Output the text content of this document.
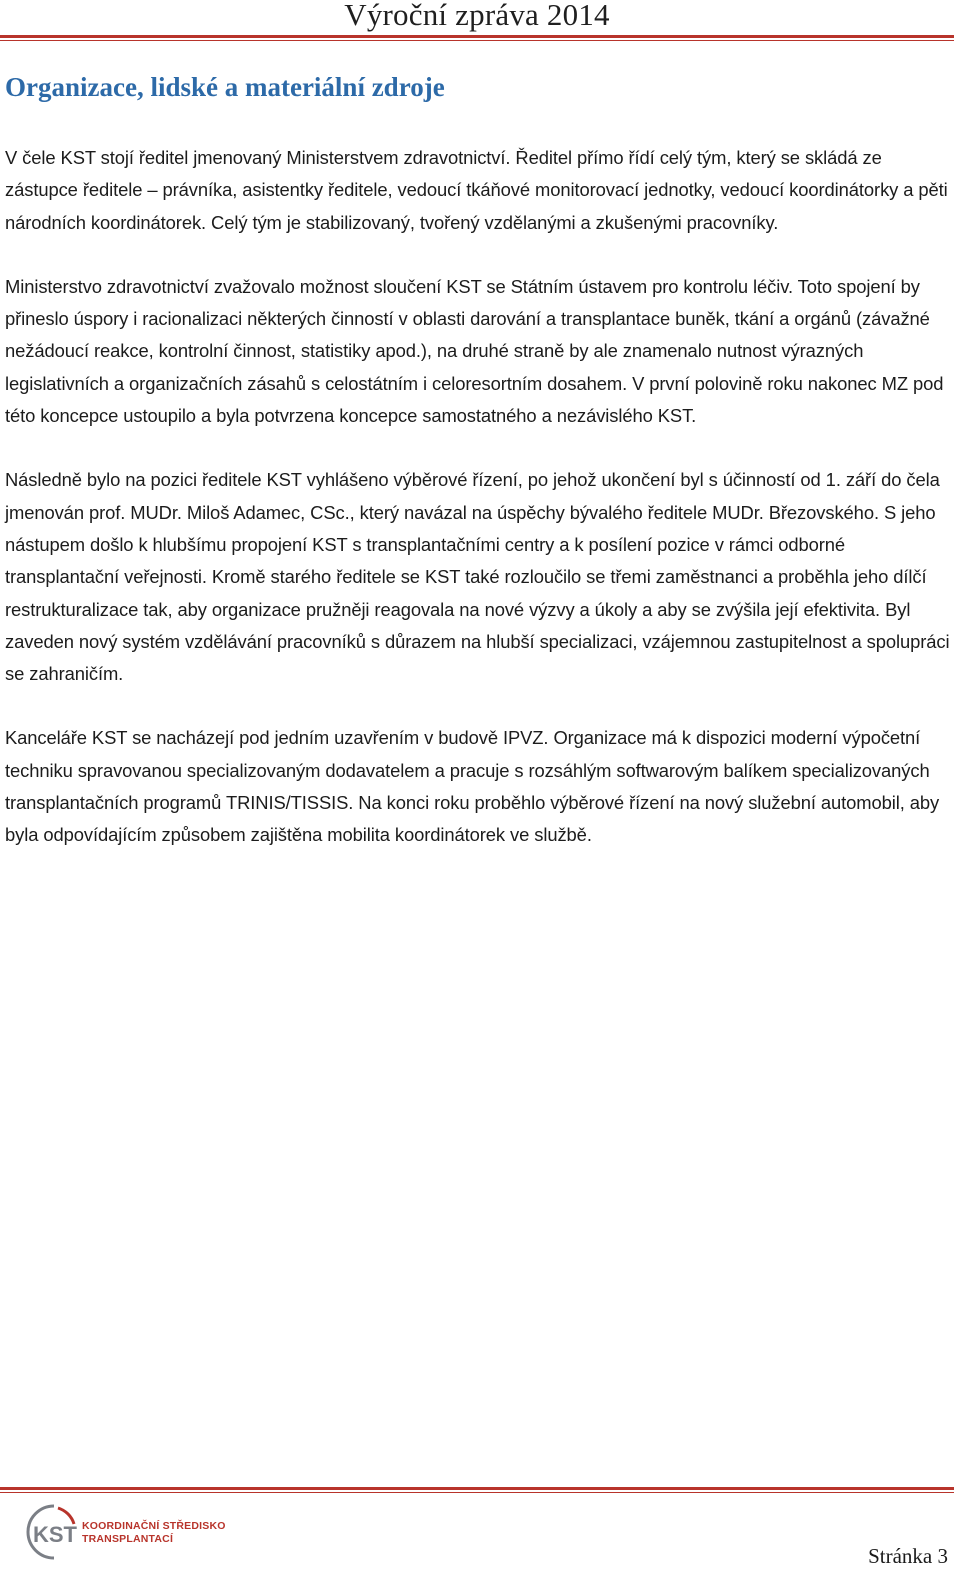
Výroční zpráva 2014
Organizace, lidské a materiální zdroje

V čele KST stojí ředitel jmenovaný Ministerstvem zdravotnictví. Ředitel přímo řídí celý tým, který se skládá ze zástupce ředitele – právníka, asistentky ředitele, vedoucí tkáňové monitorovací jednotky, vedoucí koordinátorky a pěti národních koordinátorek. Celý tým je stabilizovaný, tvořený vzdělanými a zkušenými pracovníky.

Ministerstvo zdravotnictví zvažovalo možnost sloučení KST se Státním ústavem pro kontrolu léčiv. Toto spojení by přineslo úspory i racionalizaci některých činností v oblasti darování a transplantace buněk, tkání a orgánů (závažné nežádoucí reakce, kontrolní činnost, statistiky apod.), na druhé straně by ale znamenalo nutnost výrazných legislativních a organizačních zásahů s celostátním i celoresortním dosahem. V první polovině roku nakonec MZ pod této koncepce ustoupilo a byla potvrzena koncepce samostatného a nezávislého KST.

Následně bylo na pozici ředitele KST vyhlášeno výběrové řízení, po jehož ukončení byl s účinností od 1. září do čela jmenován prof. MUDr. Miloš Adamec, CSc., který navázal na úspěchy bývalého ředitele MUDr. Březovského. S jeho nástupem došlo k hlubšímu propojení KST s transplantačními centry a k posílení pozice v rámci odborné transplantační veřejnosti. Kromě starého ředitele se KST také rozloučilo se třemi zaměstnanci a proběhla jeho dílčí restrukturalizace tak, aby organizace pružněji reagovala na nové výzvy a úkoly a aby se zvýšila její efektivita. Byl zaveden nový systém vzdělávání pracovníků s důrazem na hlubší specializaci, vzájemnou zastupitelnost a spolupráci se zahraničím.

Kanceláře KST se nacházejí pod jedním uzavřením v budově IPVZ. Organizace má k dispozici moderní výpočetní techniku spravovanou specializovaným dodavatelem a pracuje s rozsáhlým softwarovým balíkem specializovaných transplantačních programů TRINIS/TISSIS. Na konci roku proběhlo výběrové řízení na nový služební automobil, aby byla odpovídajícím způsobem zajištěna mobilita koordinátorek ve službě.

KST KOORDINAČNÍ STŘEDISKO
TRANSPLANTACÍ
Stránka 3
